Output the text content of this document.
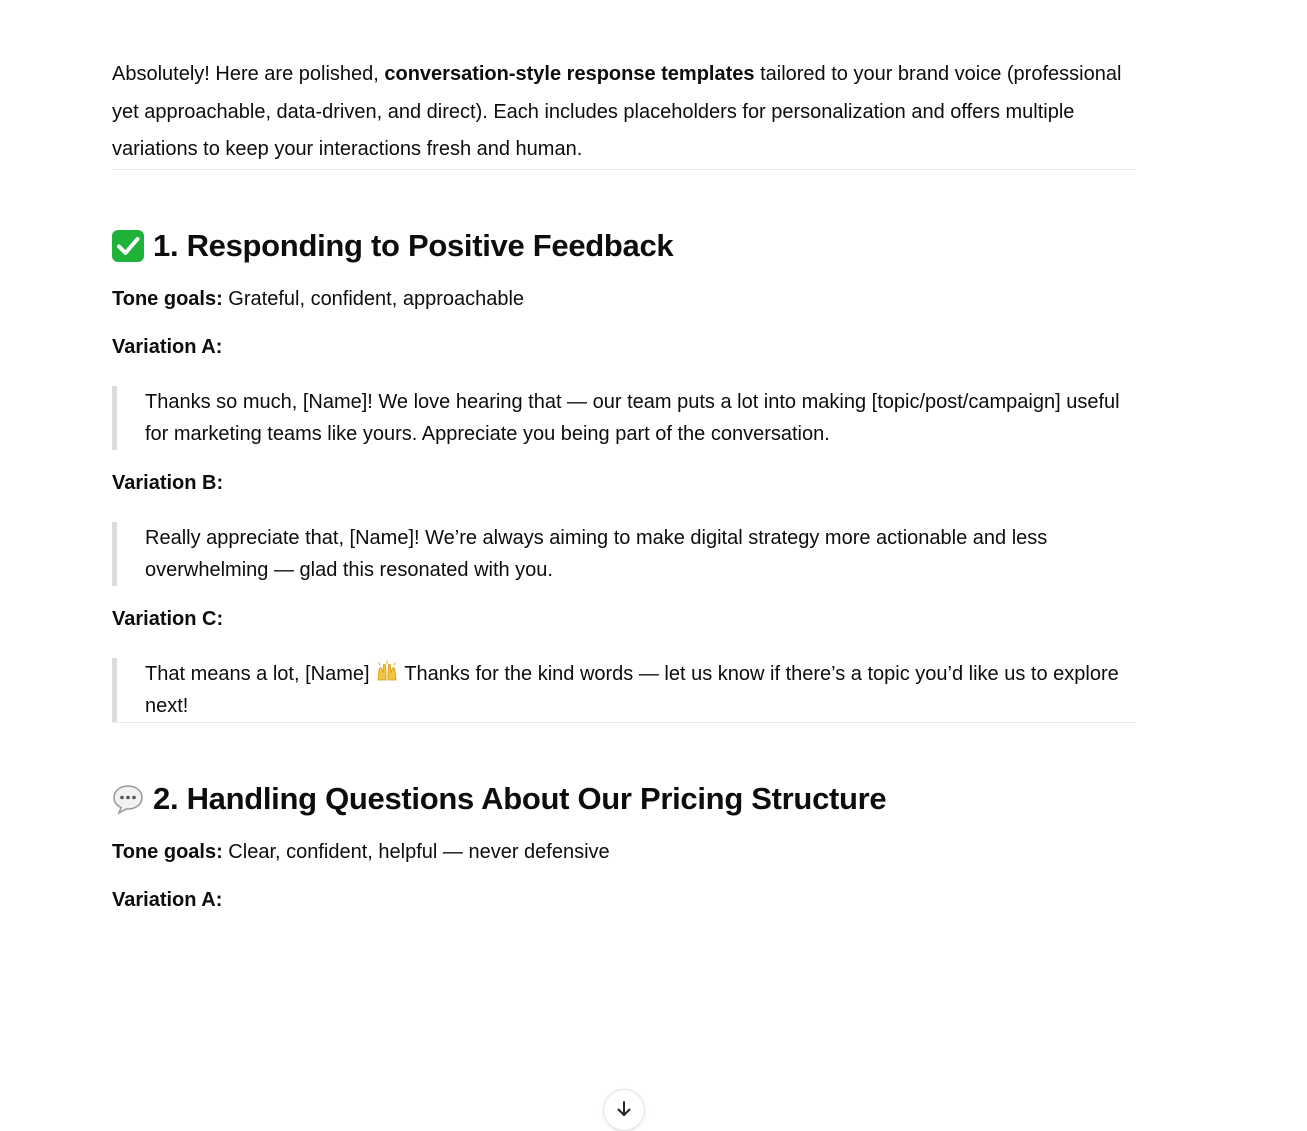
Absolutely! Here are polished, conversation-style response templates tailored to your brand voice (professional yet approachable, data-driven, and direct). Each includes placeholders for personalization and offers multiple variations to keep your interactions fresh and human.

1. Responding to Positive Feedback

Tone goals: Grateful, confident, approachable

Variation A:

Thanks so much, [Name]! We love hearing that — our team puts a lot into making [topic/post/campaign] useful for marketing teams like yours. Appreciate you being part of the conversation.

Variation B:

Really appreciate that, [Name]! We’re always aiming to make digital strategy more actionable and less overwhelming — glad this resonated with you.

Variation C:

That means a lot, [Name]  Thanks for the kind words — let us know if there’s a topic you’d like us to explore next!
2. Handling Questions About Our Pricing Structure

Tone goals: Clear, confident, helpful — never defensive

Variation A:
